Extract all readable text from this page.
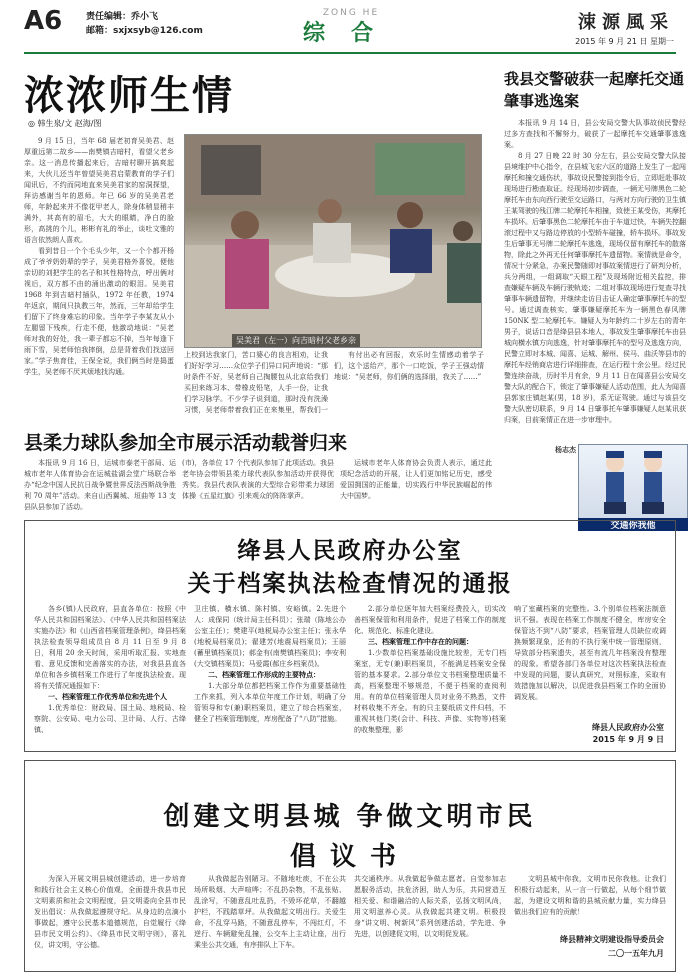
A6	责任编辑：乔小飞
邮箱：sxjxsyb@126.com
ZONG HE
综合	涑源風采
2015 年 9 月 21 日 星期一
浓浓师生情
◎ 韩生泉/文 赵海/图

9 月 15 日，当年 68 届老初育吴美君、赵厚重远第二故乡——南樊镇吉暗村，看望父老乡亲。这一消息传播起来后，吉暗村聊开搞爽起来，大伙儿还当年曾望吴美君启蒙教育的学子们闻讯后，不约而同地直来吴美君家的窑洞探望，拜访感谢当年的恩师。年已 66 岁的吴美君老师，年龄起来并不像花甲老人，除身体稍显稍丰满外，其高有的眉毛，大大的眼睛，净白的脸形，高挑的个儿，彬彬有礼的举止，谈吐文雅的语言依然朗人喜欢。

看到昔日一个个毛头少年，又一个个都开杨成了爷爷奶奶辈的学子，吴美君格外喜悦，便他亲切的刘把学生的名子和其性格特点，呼出俩对视后，双方都不由的涌出激动的眼泪。吴美君 1968 年到吉暗村插队，1972 年任教，1974 年返京，期间只执教三年，然而，三年却给学生们留下了终身难忘的印象。当年学子李某友从小左腿留下残疾，行走不便，他激动地说：“吴老师对我的好处，我一辈子都忘不掉，当年每逢下雨下雪，吴老师怕我摔倒，总是背着我们找送回家。”学子焦育佳，王保全说，我们俩当时是捣蛋学生，吴老师不厌其烦地找沟通。

吴美君（左一）向吉暗村父老乡亲

上校到达我家门，苦口婆心的良言相劝，让我们好好学习……众位学子们异口同声地说：“那时条件不好，吴老师自己掏腰包从北京给我们买回来练习本、带橡皮铅笔，人手一份，让我们学习脉学。不少学子说到道，那时没有洗澡习惯，吴老师带着我们正在来集里，帮我们一

有付出必有回报，欢乐时生情感动着学子们，这个送给产，那个一口吃饭，学子王强动情地说：“吴老师，你们俩的选择朋，我关了……”

我县交警破获一起摩托交通肇事逃逸案

本报讯 9 月 14 日，县公安局交警大队事故侦民警经过多方查找和不懈努力，破获了一起摩托车交通肇事逃逸案。

8 月 27 日晚 22 时 30 分左右，县公安局交警大队接县境维护中心指令，在县城飞宏六区的道路上发生了一起闯摩托和撞交通伤状，事故设民警接到指令后，立即赶赴事故现场进行勘查取证。经现场初步调查，一辆无号牌黑色二轮摩托车由东向西行驶至交运路口，与两对方向行驶的卫生镇王某驾驶的残江牌二轮摩托车相撞，致使王某受伤，其摩托车损坏。后肇事黑色二轮摩托车由于车道过快，车辆失控翻滚过程中又与路边停放的小型轿车碰撞，轿车损坏。事故发生后肇事无号牌二轮摩托车逃逸，现场仅留有摩托车的散落物，除此之外再无任何肇事摩托车遗留物。案情就是命令，情况十分紧急，办案民警随即对事故案情进行了研判分析，兵分两组，一组调取“天眼工程”及现场附近相关监控，排查嫌疑车辆及车辆行驶轨迹；二组对事故现场进行复查寻找肇事车辆遗留物，并继续走访目击证人确定肇事摩托车的型号。通过调查核实，肇事嫌疑摩托车为一辆黑色春风牌 150NK 型二轮摩托车。嫌疑人为年龄约二十岁左右的青年男子，说话口音是绛县县本地人，事故发生肇事摩托车由县城向横水镇方向逃逸，针对肇事摩托车的型号及逃逸方向，民警立即对本城、闻喜、运城、解州、侯马、曲沃等县市的摩托车经销商店进行详细排查，在运行程十余公里。经过民警连续奋战，历时半月有余，9 月 11 日在闻喜县公安局交警大队的配合下，锁定了肇事嫌疑人活动范围，此人为闻喜县郭家庄镇赵某(男，18 岁)，系无证驾驶。通过与该县交警大队密切联系，9 月 14 日肇事托车肇事嫌疑人赵某讯获归案，目前案情正在进一步审理中。

杨志杰

交通你我他
县柔力球队参加全市展示活动载誉归来

本报讯 9 月 16 日，运城市泰老干部局、运城市老年人体育协会在运城盐湖会堂广场联合举办“纪念中国人民抗日战争暨世界反法西斯战争胜利 70 周年”活动。来自山西翼城、垣曲等 13 支县队县参加了活动。

(市)，各单位 17 个代表队参加了此项活动。我县老年协会带领县柔力球代表队参加活动并获得优秀奖。我县代表队表演的大型综合彩带柔力球团体操《五星红旗》引来观众的阵阵掌声。

运城市老年人体育协会负责人表示，通过此项纪念活动的开展，让人们更加铭记历史，感受爱国拥国的正能量，切实践行中华民族崛起的伟大中国梦。

绛县人民政府办公室
关于档案执法检查情况的通报

各乡(镇)人民政府，县直各单位：按照《中华人民共和国档案法》、《中华人民共和国档案法实施办法》和《山西省档案管理条例》，绛县档案执法检查领导组成员自 8 月 11 日至 9 月 8 日，利用 20 余天时间，采用听取汇报、实地查看、意见反馈和完善落实的办法，对我县县直各单位和各乡镇档案工作进行了年度执法检查。现将有关情况通报如下：

一、档案管理工作优秀单位和先进个人

1.优秀单位：财政局、国土局、地税局、检察院、公安局、电力公司、卫计局、人行、古绛镇、

卫庄镇、横水镇、陈村镇、安峪镇。2.先进个人：成保同（统计局主任科员）；张瑞（陈地公办公室主任）；樊建平(地税局办公室主任)；张永华(地税局档案员)；翟建芳(地震局档案员)；王丽(蓄里镇档案员)；郝金有(南樊镇档案员)；李安利(大交镇档案员)；马爱霞(郝庄乡档案员)。

二、档案管理工作形成的主要特点：

1.大部分单位都把档案工作作为重要基础性工作来抓，列入本单位年度工作计划，明确了分管领导和专(兼)职档案员，建立了综合档案室，健全了档案管理制度，库房配备了“八防”措施。

2.部分单位逐年加大档案经费投入，切实改善档案保管和利用条件，促进了档案工作的制度化、规范化、标准化建设。

三、档案管理工作中存在的问题：

1.少数单位档案基础设施比较差，无专门档案室，无专(兼)职档案员，不能满足档案安全保管的基本要求。2.部分单位文书档案整理质量不高，档案整理不够规范，不便于档案的查阅利用。有的单位档案管理人员对业务不熟悉，文件材料收集不齐全。有的只主要纸质文件归档，不重视其他门类(会计、科技、声像、实物等)档案的收集整理，影

响了室藏档案的完整性。3.个别单位档案法制意识不强。表现在档案工作制度不健全，库房安全保管达不到“八防”要求，档案管理人员缺位或调换频繁现象，还有的不执行案中统一管理原则，导致部分档案遗失，甚至有流几年档案没有整理的现象。希望各部门各单位对这次档案执法检查中发现的问题，要认真研究，对照标准，采取有效措施加以解决，以促进我县档案工作的全面协调发展。

绛县人民政府办公室
2015 年 9 月 9 日
创建文明县城 争做文明市民
倡议书

为深入开展文明县城创建活动，进一步培育和践行社会主义核心价值观，全面提升我县市民文明素质和社会文明程度，县文明委向全县市民发出倡议：从我做起遵规守纪。从身边的点滴小事做起，遵守公民基本道德规范，自觉履行《绛县市民文明公约》、《绛县市民文明守则》，喜礼仪，讲文明，守公德。

从我做起告别陋习。不随地吐痰，不在公共场所吸烟、大声喧哗；不乱扔杂物，不乱张贴、乱涂写，不随意乱吐乱扔，不毁坏花草，不翻越护栏，不践踏草坪。从我做起文明出行。关爱生命，不乱穿马路，不随意乱停车，不闯红灯，不逆行、车辆避免乱撞，公交车上主动让座，出行乘坐公共交通，有序排队上下车。

共交通秩序。从我做起争做志愿者。自觉参加志愿服务活动，扶危济困，助人为乐，共同营造互相关爱、和谐融洽的人际关系，弘扬文明风尚，用文明滋养心灵。从我做起共建文明。积极投身“讲文明、树新风”系列创建活动，学先进、争先进，以创建促文明，以文明促发展。

文明县城中你我，文明市民你我他。让我们积极行动起来，从一言一行做起，从每个细节做起，为建设文明和谐的县城贡献力量，实力绛县做出我们应有的贡献！

绛县精神文明建设指导委员会
二〇一五年九月
